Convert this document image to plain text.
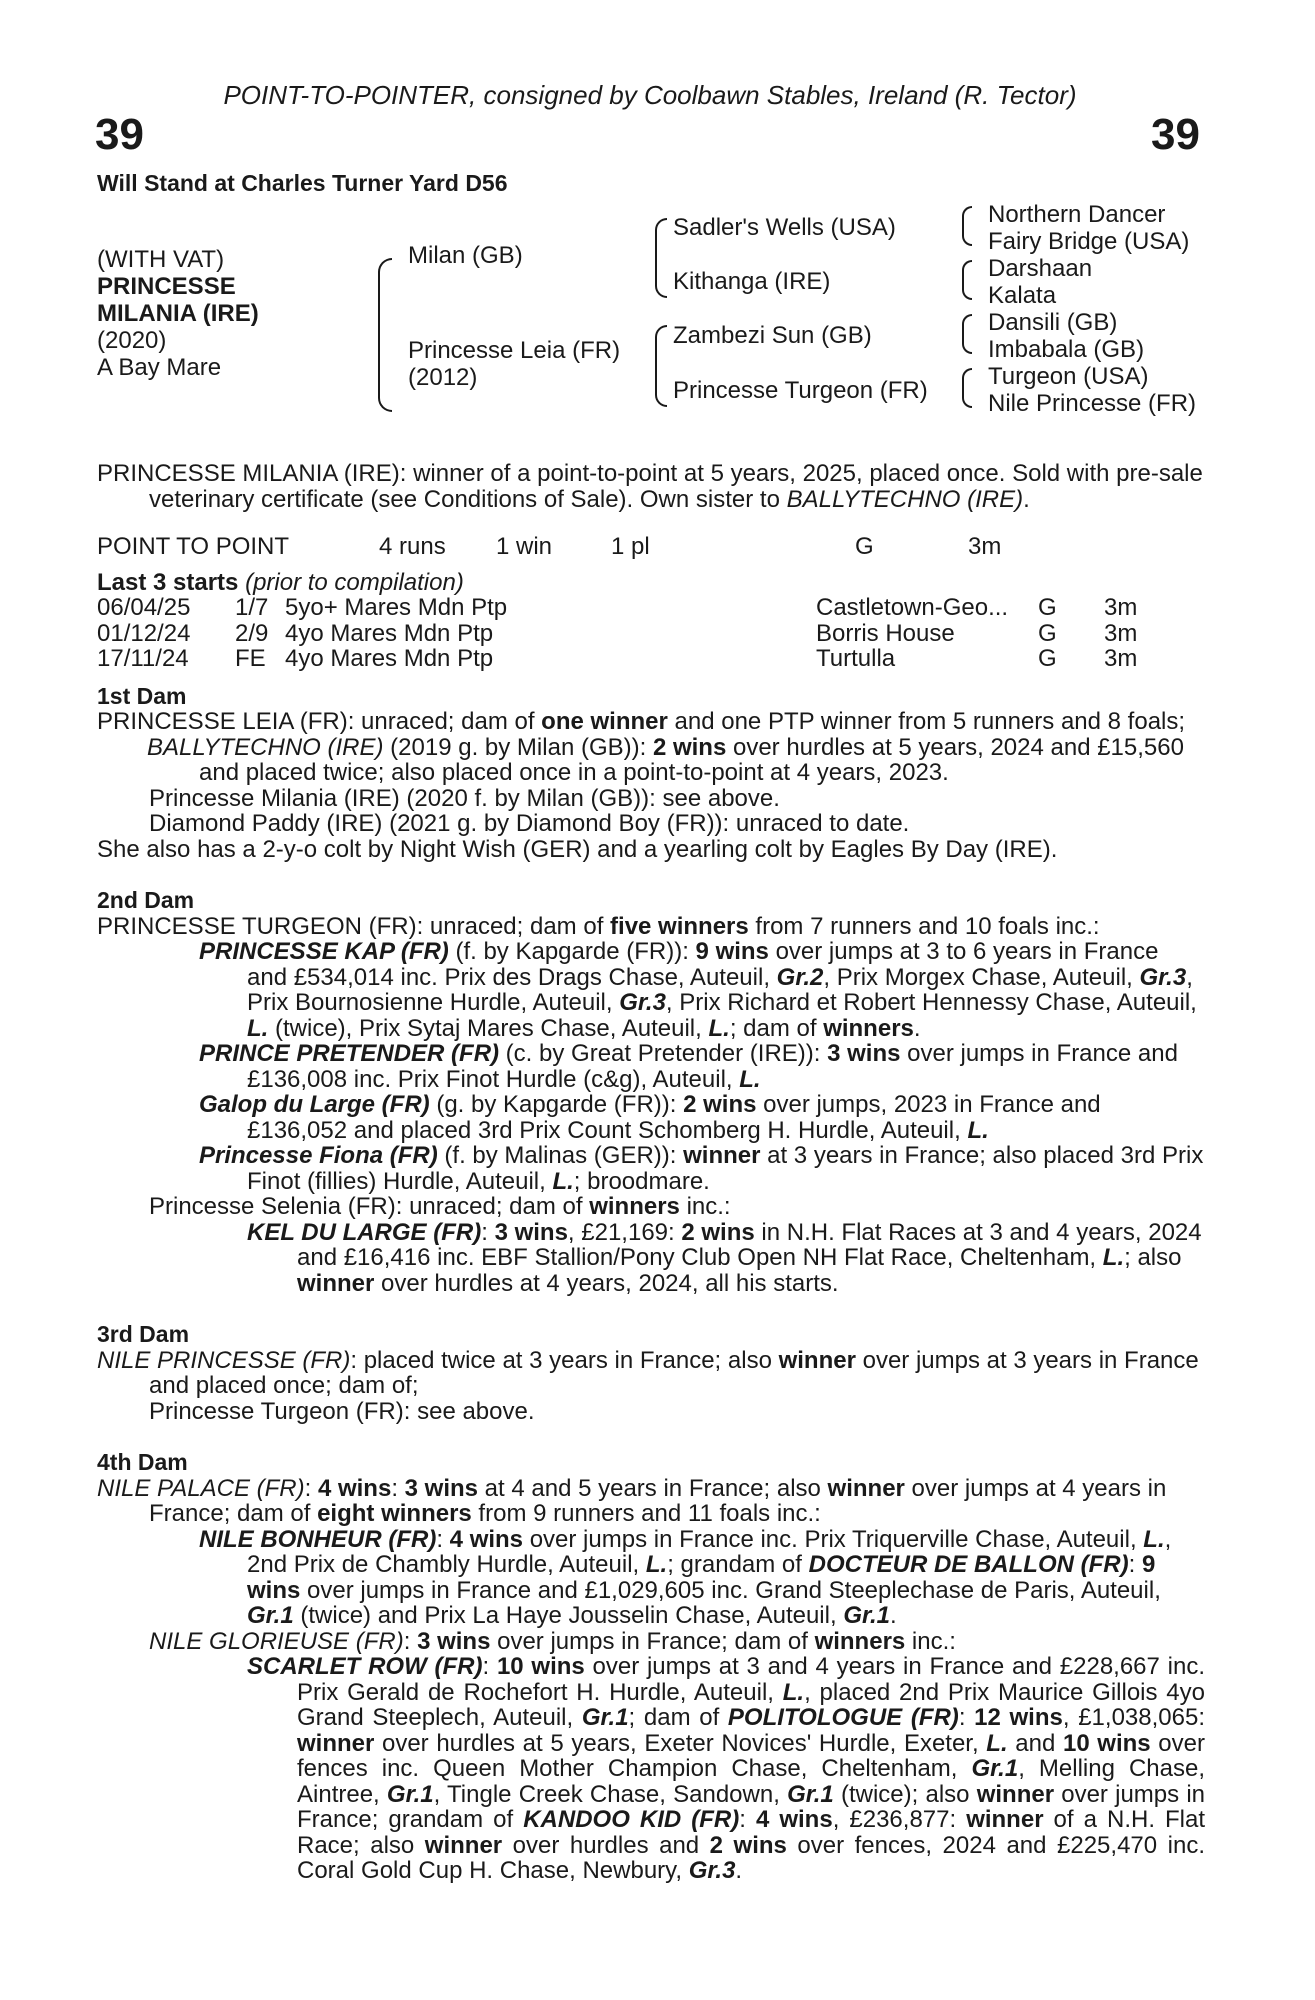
POINT-TO-POINTER, consigned by Coolbawn Stables, Ireland (R. Tector)
39	39
Will Stand at Charles Turner Yard D56
(WITH VAT)
PRINCESSE
MILANIA (IRE)
(2020)
A Bay Mare
Milan (GB)
Princesse Leia (FR)
(2012)
Sadler's Wells (USA)
Kithanga (IRE)
Zambezi Sun (GB)
Princesse Turgeon (FR)
Northern Dancer
Fairy Bridge (USA)
Darshaan
Kalata
Dansili (GB)
Imbabala (GB)
Turgeon (USA)
Nile Princesse (FR)

PRINCESSE MILANIA (IRE): winner of a point-to-point at 5 years, 2025, placed once. Sold with pre-sale veterinary certificate (see Conditions of Sale). Own sister to BALLYTECHNO (IRE).

POINT TO POINT	4 runs	1 win	1 pl	G	3m

Last 3 starts (prior to compilation)

06/04/25	1/7	5yo+ Mares Mdn Ptp	Castletown-Geo...	G	3m
01/12/24	2/9	4yo Mares Mdn Ptp	Borris House	G	3m
17/11/24	FE	4yo Mares Mdn Ptp	Turtulla	G	3m
1st Dam

PRINCESSE LEIA (FR): unraced; dam of one winner and one PTP winner from 5 runners and 8 foals;

BALLYTECHNO (IRE) (2019 g. by Milan (GB)): 2 wins over hurdles at 5 years, 2024 and £15,560 and placed twice; also placed once in a point-to-point at 4 years, 2023.

Princesse Milania (IRE) (2020 f. by Milan (GB)): see above.

Diamond Paddy (IRE) (2021 g. by Diamond Boy (FR)): unraced to date.

She also has a 2-y-o colt by Night Wish (GER) and a yearling colt by Eagles By Day (IRE).

2nd Dam

PRINCESSE TURGEON (FR): unraced; dam of five winners from 7 runners and 10 foals inc.:

PRINCESSE KAP (FR) (f. by Kapgarde (FR)): 9 wins over jumps at 3 to 6 years in France and £534,014 inc. Prix des Drags Chase, Auteuil, Gr.2, Prix Morgex Chase, Auteuil, Gr.3, Prix Bournosienne Hurdle, Auteuil, Gr.3, Prix Richard et Robert Hennessy Chase, Auteuil, L. (twice), Prix Sytaj Mares Chase, Auteuil, L.; dam of winners.

PRINCE PRETENDER (FR) (c. by Great Pretender (IRE)): 3 wins over jumps in France and £136,008 inc. Prix Finot Hurdle (c&g), Auteuil, L.

Galop du Large (FR) (g. by Kapgarde (FR)): 2 wins over jumps, 2023 in France and £136,052 and placed 3rd Prix Count Schomberg H. Hurdle, Auteuil, L.

Princesse Fiona (FR) (f. by Malinas (GER)): winner at 3 years in France; also placed 3rd Prix Finot (fillies) Hurdle, Auteuil, L.; broodmare.

Princesse Selenia (FR): unraced; dam of winners inc.:

KEL DU LARGE (FR): 3 wins, £21,169: 2 wins in N.H. Flat Races at 3 and 4 years, 2024 and £16,416 inc. EBF Stallion/Pony Club Open NH Flat Race, Cheltenham, L.; also winner over hurdles at 4 years, 2024, all his starts.

3rd Dam

NILE PRINCESSE (FR): placed twice at 3 years in France; also winner over jumps at 3 years in France and placed once; dam of;

Princesse Turgeon (FR): see above.

4th Dam

NILE PALACE (FR): 4 wins: 3 wins at 4 and 5 years in France; also winner over jumps at 4 years in France; dam of eight winners from 9 runners and 11 foals inc.:

NILE BONHEUR (FR): 4 wins over jumps in France inc. Prix Triquerville Chase, Auteuil, L., 2nd Prix de Chambly Hurdle, Auteuil, L.; grandam of DOCTEUR DE BALLON (FR): 9 wins over jumps in France and £1,029,605 inc. Grand Steeplechase de Paris, Auteuil, Gr.1 (twice) and Prix La Haye Jousselin Chase, Auteuil, Gr.1.

NILE GLORIEUSE (FR): 3 wins over jumps in France; dam of winners inc.:

SCARLET ROW (FR): 10 wins over jumps at 3 and 4 years in France and £228,667 inc. Prix Gerald de Rochefort H. Hurdle, Auteuil, L., placed 2nd Prix Maurice Gillois 4yo Grand Steeplech, Auteuil, Gr.1; dam of POLITOLOGUE (FR): 12 wins, £1,038,065: winner over hurdles at 5 years, Exeter Novices' Hurdle, Exeter, L. and 10 wins over fences inc. Queen Mother Champion Chase, Cheltenham, Gr.1, Melling Chase, Aintree, Gr.1, Tingle Creek Chase, Sandown, Gr.1 (twice); also winner over jumps in France; grandam of KANDOO KID (FR): 4 wins, £236,877: winner of a N.H. Flat Race; also winner over hurdles and 2 wins over fences, 2024 and £225,470 inc. Coral Gold Cup H. Chase, Newbury, Gr.3.
